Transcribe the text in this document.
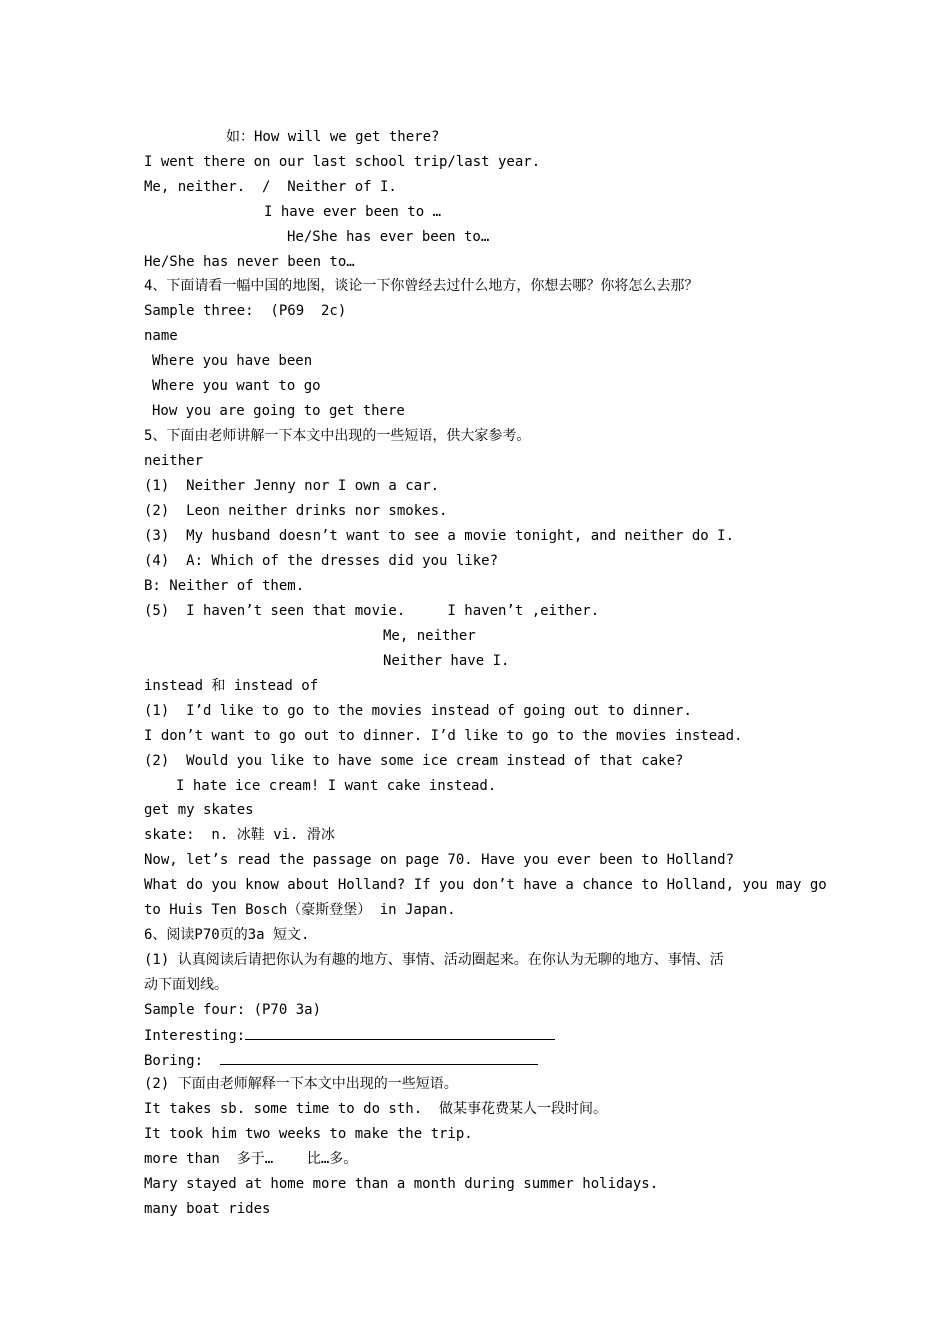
如：How will we get there?
I went there on our last school trip/last year.
Me, neither.  /  Neither of I.
I have ever been to …
He/She has ever been to…
He/She has never been to…
4、下面请看一幅中国的地图，谈论一下你曾经去过什么地方，你想去哪？你将怎么去那？
Sample three:  (P69  2c)
name
Where you have been
Where you want to go
How you are going to get there
5、下面由老师讲解一下本文中出现的一些短语，供大家参考。
neither
(1)  Neither Jenny nor I own a car.
(2)  Leon neither drinks nor smokes.
(3)  My husband doesn’t want to see a movie tonight, and neither do I.
(4)  A: Which of the dresses did you like?
B: Neither of them.
(5)  I haven’t seen that movie.     I haven’t ,either.
Me, neither
Neither have I.
instead 和 instead of
(1)  I’d like to go to the movies instead of going out to dinner.
I don’t want to go out to dinner. I’d like to go to the movies instead.
(2)  Would you like to have some ice cream instead of that cake?
I hate ice cream! I want cake instead.
get my skates
skate:  n. 冰鞋 vi. 滑冰
Now, let’s read the passage on page 70. Have you ever been to Holland?
What do you know about Holland? If you don’t have a chance to Holland, you may go
to Huis Ten Bosch（豪斯登堡） in Japan.
6、阅读P70页的3a 短文.
(1) 认真阅读后请把你认为有趣的地方、事情、活动圈起来。在你认为无聊的地方、事情、活
动下面划线。
Sample four: (P70 3a)
Interesting:
Boring:
(2) 下面由老师解释一下本文中出现的一些短语。
It takes sb. some time to do sth.  做某事花费某人一段时间。
It took him two weeks to make the trip.
more than  多于…    比…多。
Mary stayed at home more than a month during summer holidays.
many boat rides
